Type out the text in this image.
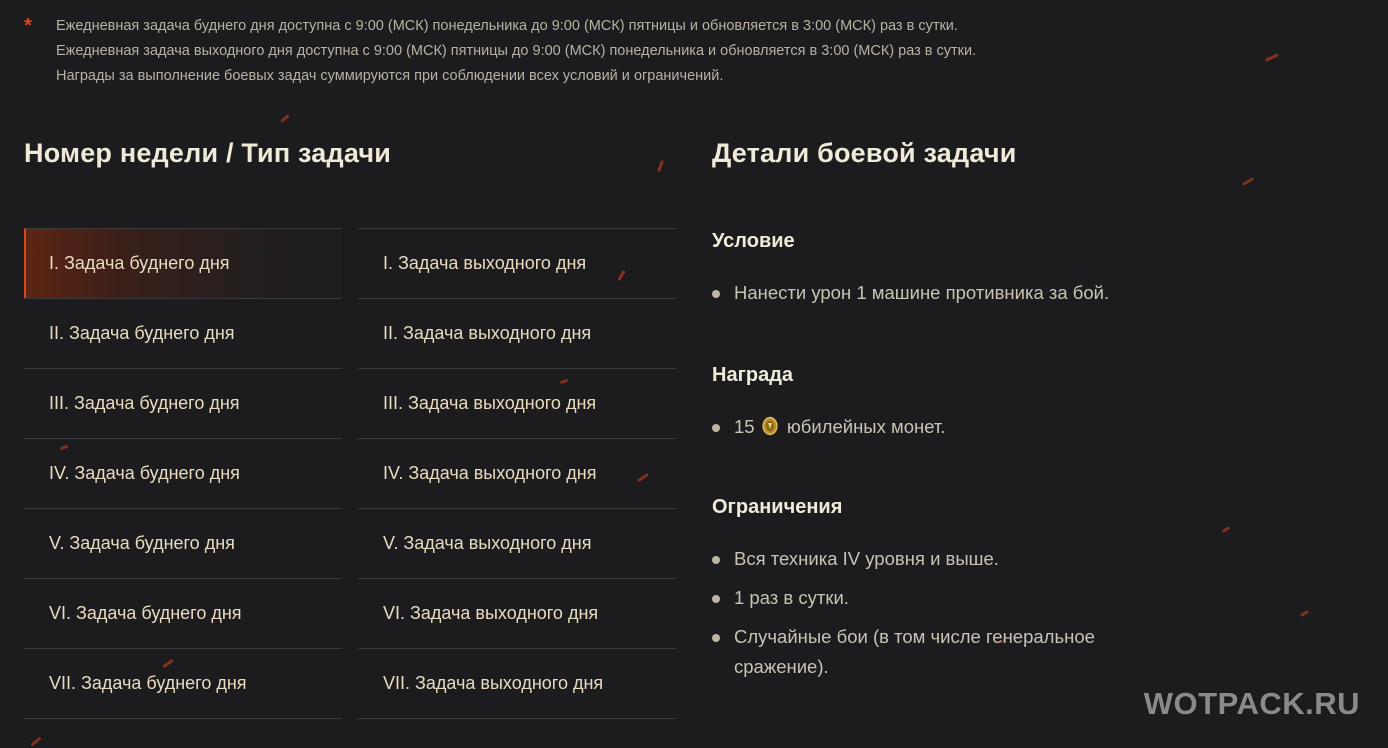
* Ежедневная задача буднего дня доступна с 9:00 (МСК) понедельника до 9:00 (МСК) пятницы и обновляется в 3:00 (МСК) раз в сутки.
Ежедневная задача выходного дня доступна с 9:00 (МСК) пятницы до 9:00 (МСК) понедельника и обновляется в 3:00 (МСК) раз в сутки.
Награды за выполнение боевых задач суммируются при соблюдении всех условий и ограничений.
Номер недели / Тип задачи	Детали боевой задачи
I. Задача буднего дня	I. Задача выходного дня
II. Задача буднего дня	II. Задача выходного дня
III. Задача буднего дня	III. Задача выходного дня
IV. Задача буднего дня	IV. Задача выходного дня
V. Задача буднего дня	V. Задача выходного дня
VI. Задача буднего дня	VI. Задача выходного дня
VII. Задача буднего дня	VII. Задача выходного дня
Условие
Нанести урон 1 машине противника за бой.
Награда
15 юбилейных монет.
Ограничения
Вся техника IV уровня и выше.
1 раз в сутки.
Случайные бои (в том числе генеральное сражение).
WOTPACK.RU
